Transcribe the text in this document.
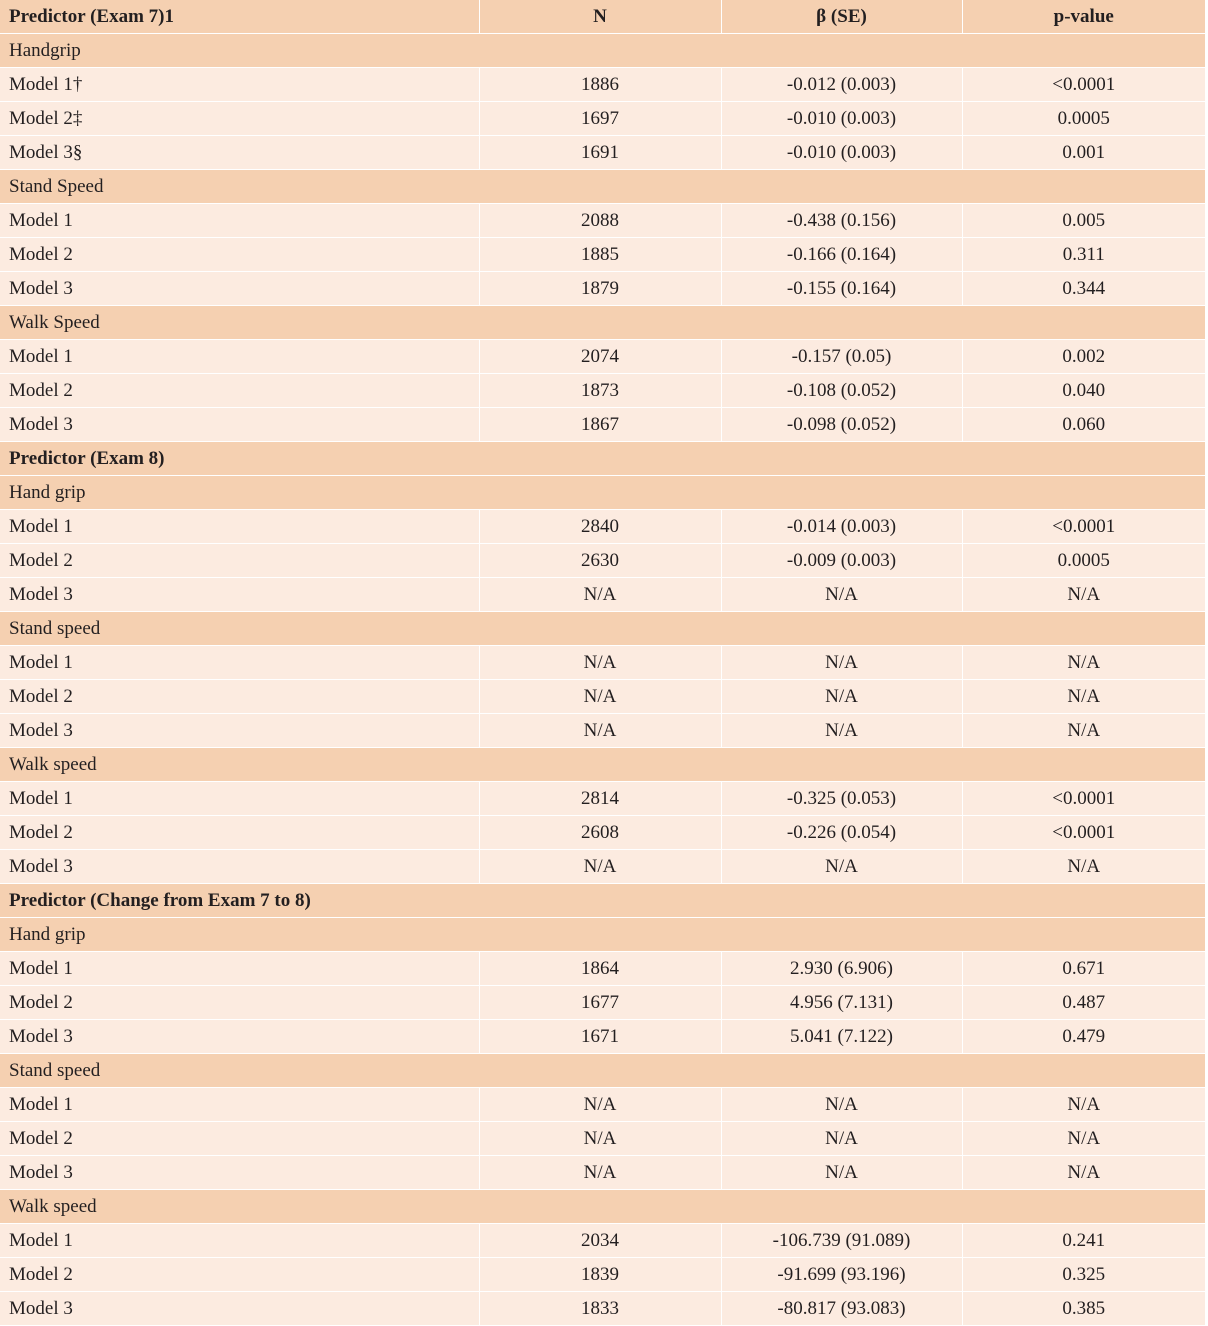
Predictor (Exam 7)1	N	β (SE)	p-value
Handgrip			
Model 1†	1886	-0.012 (0.003)	<0.0001
Model 2‡	1697	-0.010 (0.003)	0.0005
Model 3§	1691	-0.010 (0.003)	0.001
Stand Speed			
Model 1	2088	-0.438 (0.156)	0.005
Model 2	1885	-0.166 (0.164)	0.311
Model 3	1879	-0.155 (0.164)	0.344
Walk Speed			
Model 1	2074	-0.157 (0.05)	0.002
Model 2	1873	-0.108 (0.052)	0.040
Model 3	1867	-0.098 (0.052)	0.060
Predictor (Exam 8)			
Hand grip			
Model 1	2840	-0.014 (0.003)	<0.0001
Model 2	2630	-0.009 (0.003)	0.0005
Model 3	N/A	N/A	N/A
Stand speed			
Model 1	N/A	N/A	N/A
Model 2	N/A	N/A	N/A
Model 3	N/A	N/A	N/A
Walk speed			
Model 1	2814	-0.325 (0.053)	<0.0001
Model 2	2608	-0.226 (0.054)	<0.0001
Model 3	N/A	N/A	N/A
Predictor (Change from Exam 7 to 8)			
Hand grip			
Model 1	1864	2.930 (6.906)	0.671
Model 2	1677	4.956 (7.131)	0.487
Model 3	1671	5.041 (7.122)	0.479
Stand speed			
Model 1	N/A	N/A	N/A
Model 2	N/A	N/A	N/A
Model 3	N/A	N/A	N/A
Walk speed			
Model 1	2034	-106.739 (91.089)	0.241
Model 2	1839	-91.699 (93.196)	0.325
Model 3	1833	-80.817 (93.083)	0.385
